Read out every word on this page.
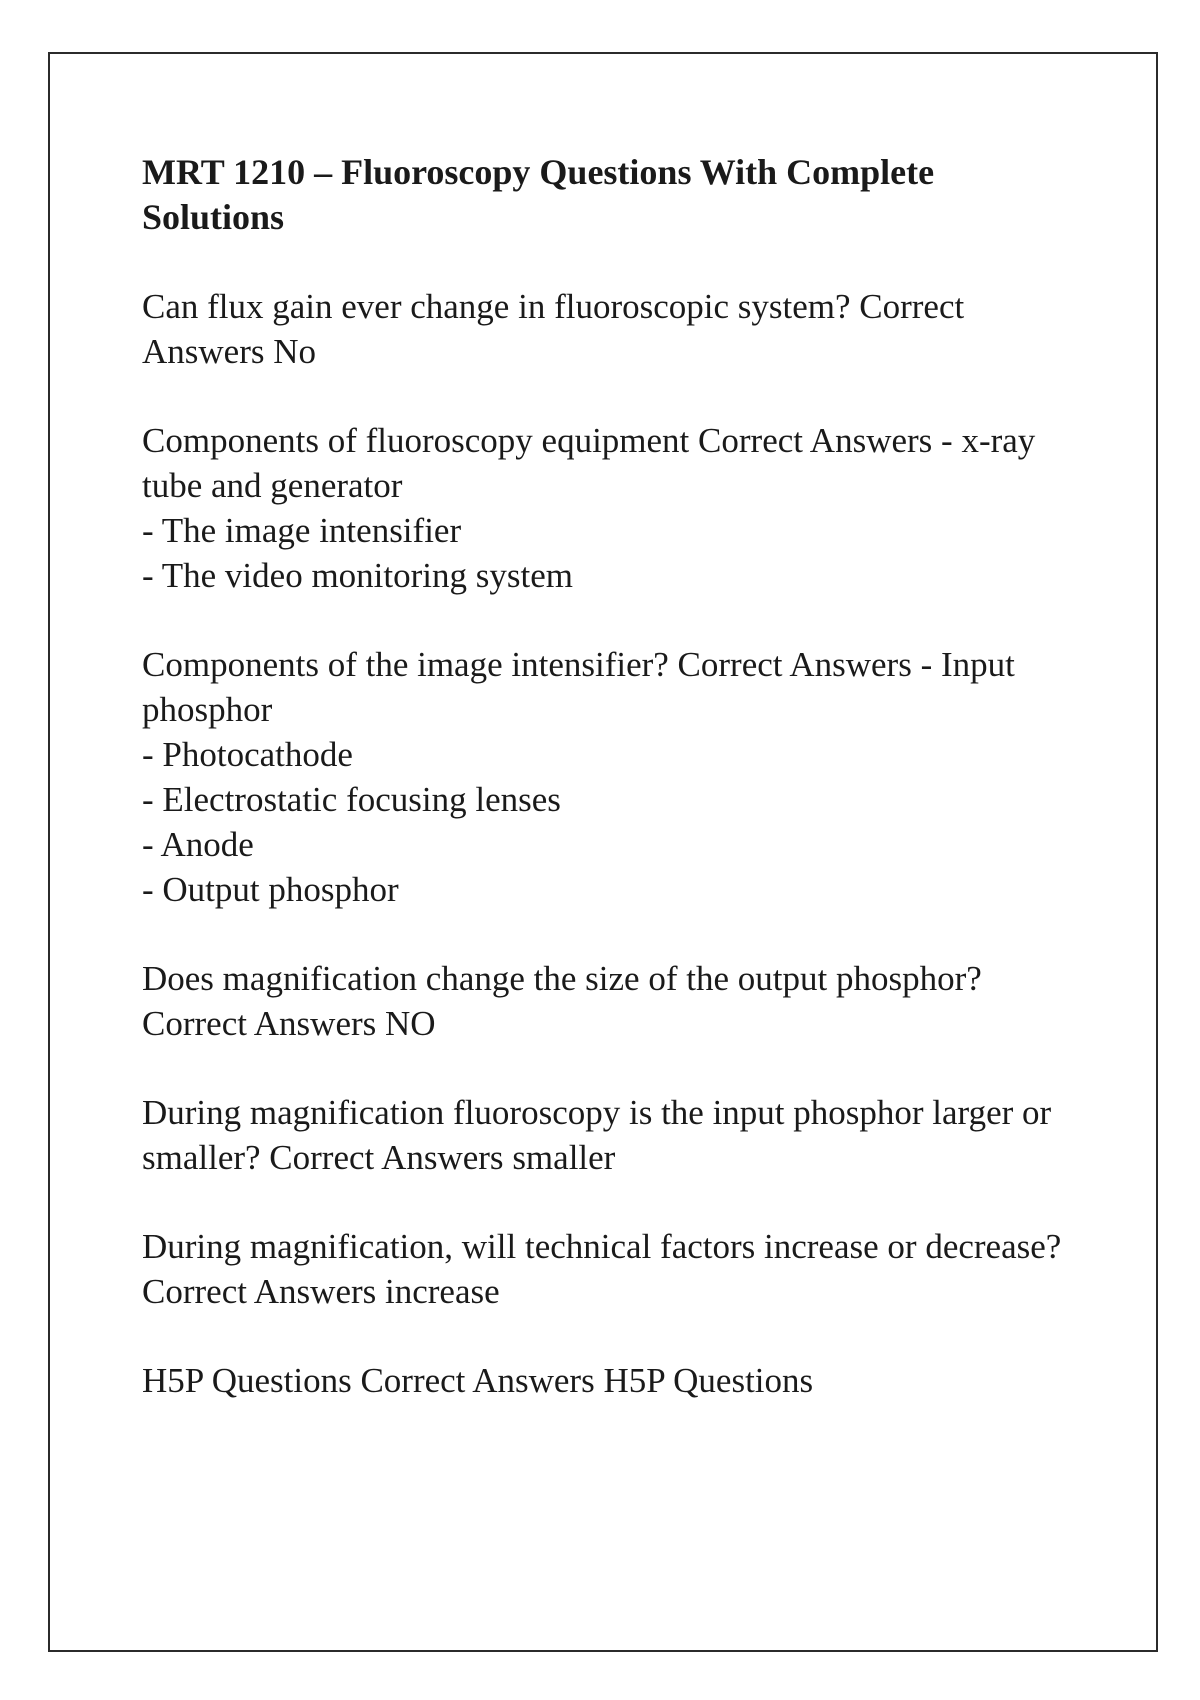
MRT 1210 – Fluoroscopy Questions With Complete Solutions
Can flux gain ever change in fluoroscopic system? Correct Answers No
Components of fluoroscopy equipment Correct Answers - x-ray tube and generator
- The image intensifier
- The video monitoring system
Components of the image intensifier? Correct Answers - Input phosphor
- Photocathode
- Electrostatic focusing lenses
- Anode
- Output phosphor
Does magnification change the size of the output phosphor? Correct Answers NO
During magnification fluoroscopy is the input phosphor larger or smaller? Correct Answers smaller
During magnification, will technical factors increase or decrease? Correct Answers increase
H5P Questions Correct Answers H5P Questions
